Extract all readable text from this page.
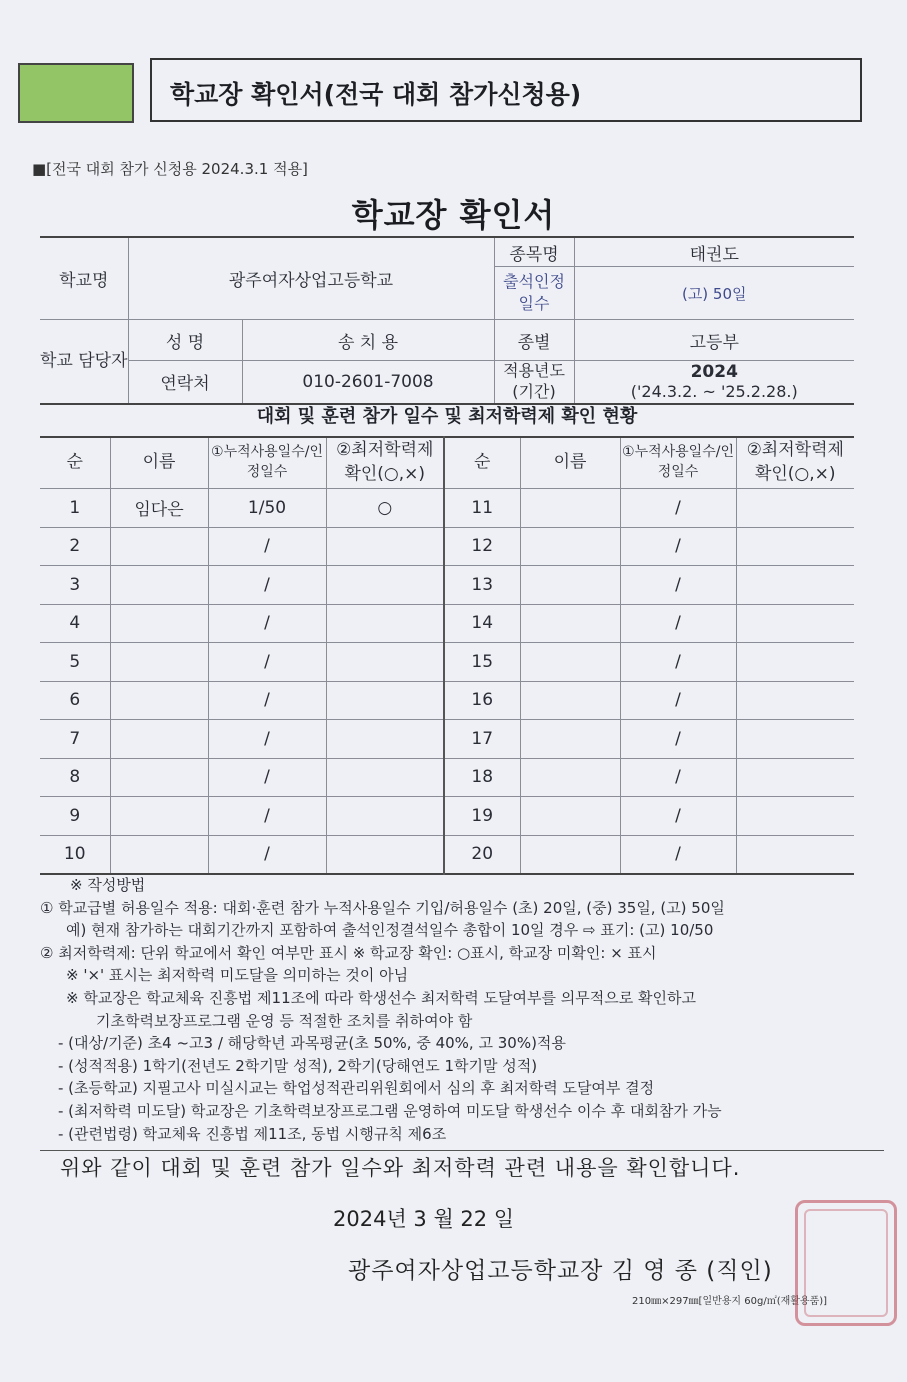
학교장 확인서(전국 대회 참가신청용)
■[전국 대회 참가 신청용 2024.3.1 적용]
학교장 확인서
학교명	광주여자상업고등학교		종목명	태권도
			출석인정 일수	(고) 50일
학교 담당자	성 명	송 치 용	종별	고등부
	연락처	010-2601-7008	적용년도 (기간)	2024
('24.3.2. ~ '25.2.28.)
대회 및 훈련 참가 일수 및 최저학력제 확인 현황
순	이름	①누적사용일수/인정일수	②최저학력제 확인(○,×)	순	이름	①누적사용일수/인정일수	②최저학력제 확인(○,×)
1	임다은	1/50	○	11		/	
2		/		12		/	
3		/		13		/	
4		/		14		/	
5		/		15		/	
6		/		16		/	
7		/		17		/	
8		/		18		/	
9		/		19		/	
10		/		20		/	
※ 작성방법
① 학교급별 허용일수 적용: 대회·훈련 참가 누적사용일수 기입/허용일수 (초) 20일, (중) 35일, (고) 50일
예) 현재 참가하는 대회기간까지 포함하여 출석인정결석일수 총합이 10일 경우 ⇨ 표기: (고) 10/50
② 최저학력제: 단위 학교에서 확인 여부만 표시 ※ 학교장 확인: ○표시, 학교장 미확인: × 표시
※ '×' 표시는 최저학력 미도달을 의미하는 것이 아님
※ 학교장은 학교체육 진흥법 제11조에 따라 학생선수 최저학력 도달여부를 의무적으로 확인하고
기초학력보장프로그램 운영 등 적절한 조치를 취하여야 함
- (대상/기준) 초4 ~고3 / 해당학년 과목평균(초 50%, 중 40%, 고 30%)적용
- (성적적용) 1학기(전년도 2학기말 성적), 2학기(당해연도 1학기말 성적)
- (초등학교) 지필고사 미실시교는 학업성적관리위원회에서 심의 후 최저학력 도달여부 결정
- (최저학력 미도달) 학교장은 기초학력보장프로그램 운영하여 미도달 학생선수 이수 후 대회참가 가능
- (관련법령) 학교체육 진흥법 제11조, 동법 시행규칙 제6조
위와 같이 대회 및 훈련 참가 일수와 최저학력 관련 내용을 확인합니다.
2024년 3 월 22 일
광주여자상업고등학교장 김 영 종 (직인)
210㎜×297㎜[일반용지 60g/㎡(재활용품)]
